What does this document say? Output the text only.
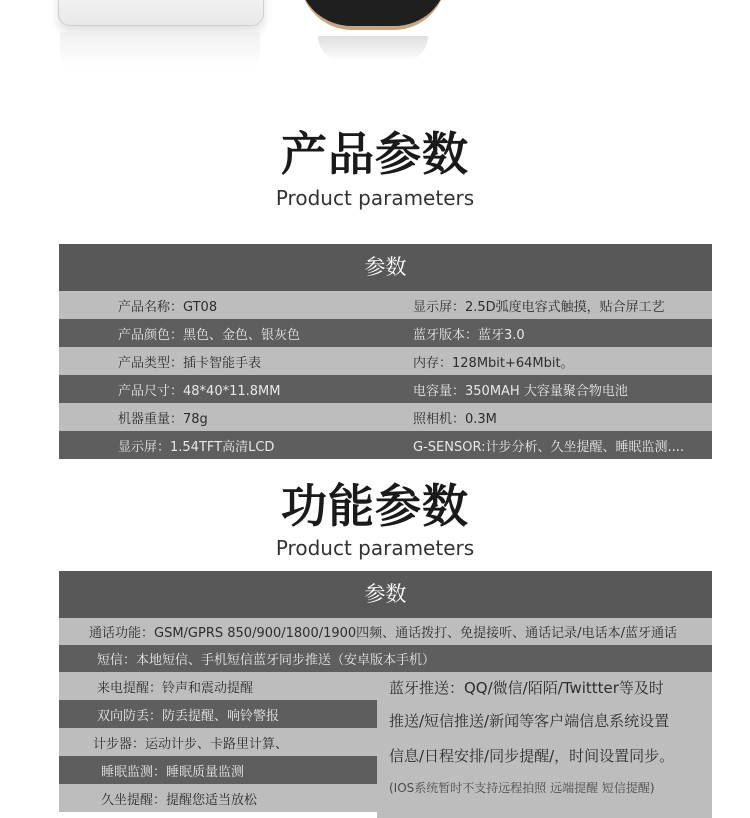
产品参数
Product parameters
参数
产品名称：GT08	显示屏：2.5D弧度电容式触摸，贴合屏工艺
产品颜色：黑色、金色、银灰色	蓝牙版本：蓝牙3.0
产品类型：插卡智能手表	内存：128Mbit+64Mbit。
产品尺寸：48*40*11.8MM	电容量：350MAH 大容量聚合物电池
机器重量：78g	照相机：0.3M
显示屏：1.54TFT高清LCD	G-SENSOR:计步分析、久坐提醒、睡眠监测....
功能参数
Product parameters
参数
通话功能：GSM/GPRS 850/900/1800/1900四频、通话拨打、免提接听、通话记录/电话本/蓝牙通话
短信：本地短信、手机短信蓝牙同步推送（安卓版本手机）
来电提醒：铃声和震动提醒
双向防丢：防丢提醒、响铃警报
计步器：运动计步、卡路里计算、
睡眠监测：睡眠质量监测
久坐提醒：提醒您适当放松
蓝牙推送：QQ/微信/陌陌/Twittter等及时
推送/短信推送/新闻等客户端信息系统设置
信息/日程安排/同步提醒/，时间设置同步。
(IOS系统暂时不支持远程拍照 远端提醒 短信提醒)
